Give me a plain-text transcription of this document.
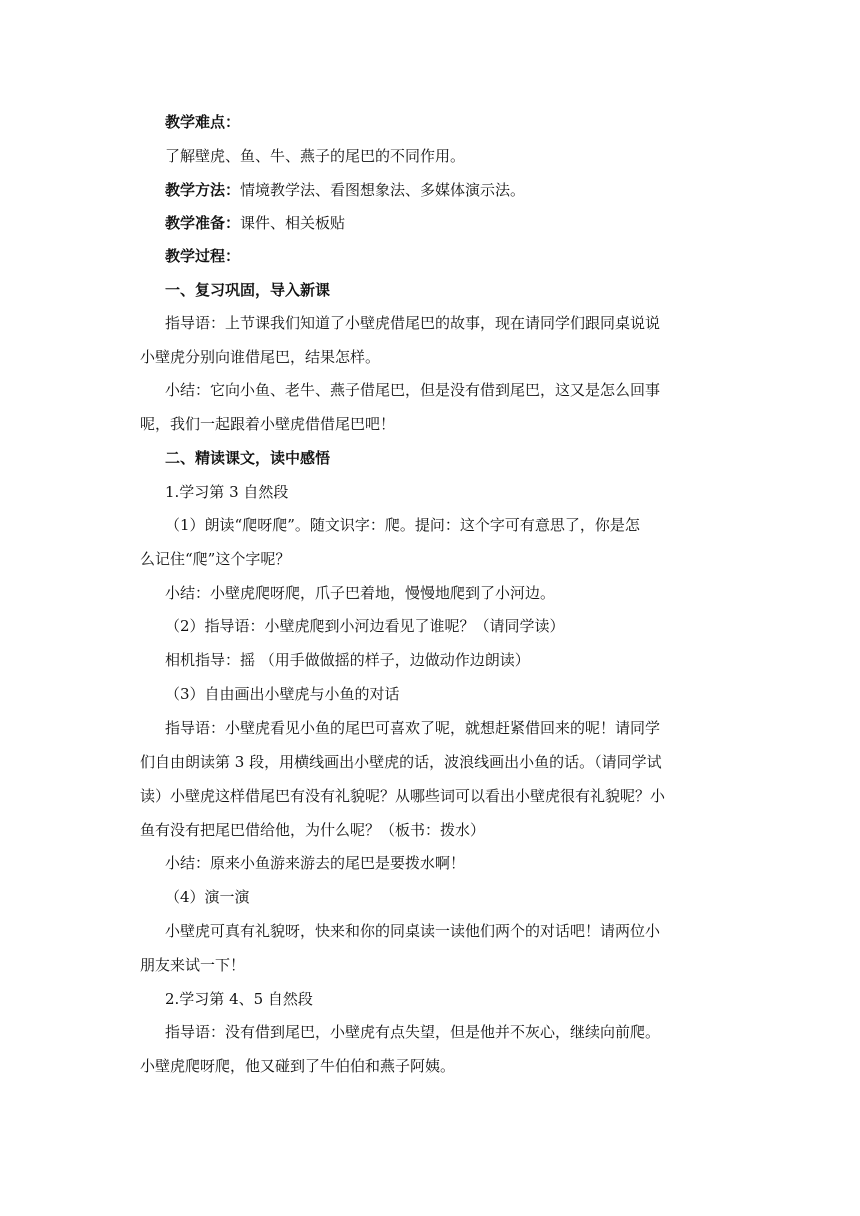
教学难点：
了解壁虎、鱼、牛、燕子的尾巴的不同作用。
教学方法：情境教学法、看图想象法、多媒体演示法。
教学准备：课件、相关板贴
教学过程：
一、复习巩固，导入新课
指导语：上节课我们知道了小壁虎借尾巴的故事，现在请同学们跟同桌说说
小壁虎分别向谁借尾巴，结果怎样。
小结：它向小鱼、老牛、燕子借尾巴，但是没有借到尾巴，这又是怎么回事
呢，我们一起跟着小壁虎借借尾巴吧！
二、精读课文，读中感悟
1.学习第 3 自然段
（1）朗读“爬呀爬”。随文识字：爬。提问：这个字可有意思了，你是怎
么记住“爬”这个字呢？
小结：小壁虎爬呀爬，爪子巴着地，慢慢地爬到了小河边。
（2）指导语：小壁虎爬到小河边看见了谁呢？（请同学读）
相机指导：摇 （用手做做摇的样子，边做动作边朗读）
（3）自由画出小壁虎与小鱼的对话
指导语：小壁虎看见小鱼的尾巴可喜欢了呢，就想赶紧借回来的呢！请同学
们自由朗读第 3 段，用横线画出小壁虎的话，波浪线画出小鱼的话。（请同学试
读）小壁虎这样借尾巴有没有礼貌呢？从哪些词可以看出小壁虎很有礼貌呢？小
鱼有没有把尾巴借给他，为什么呢？（板书：拨水）
小结：原来小鱼游来游去的尾巴是要拨水啊！
（4）演一演
小壁虎可真有礼貌呀，快来和你的同桌读一读他们两个的对话吧！请两位小
朋友来试一下！
2.学习第 4、5 自然段
指导语：没有借到尾巴，小壁虎有点失望，但是他并不灰心，继续向前爬。
小壁虎爬呀爬，他又碰到了牛伯伯和燕子阿姨。
